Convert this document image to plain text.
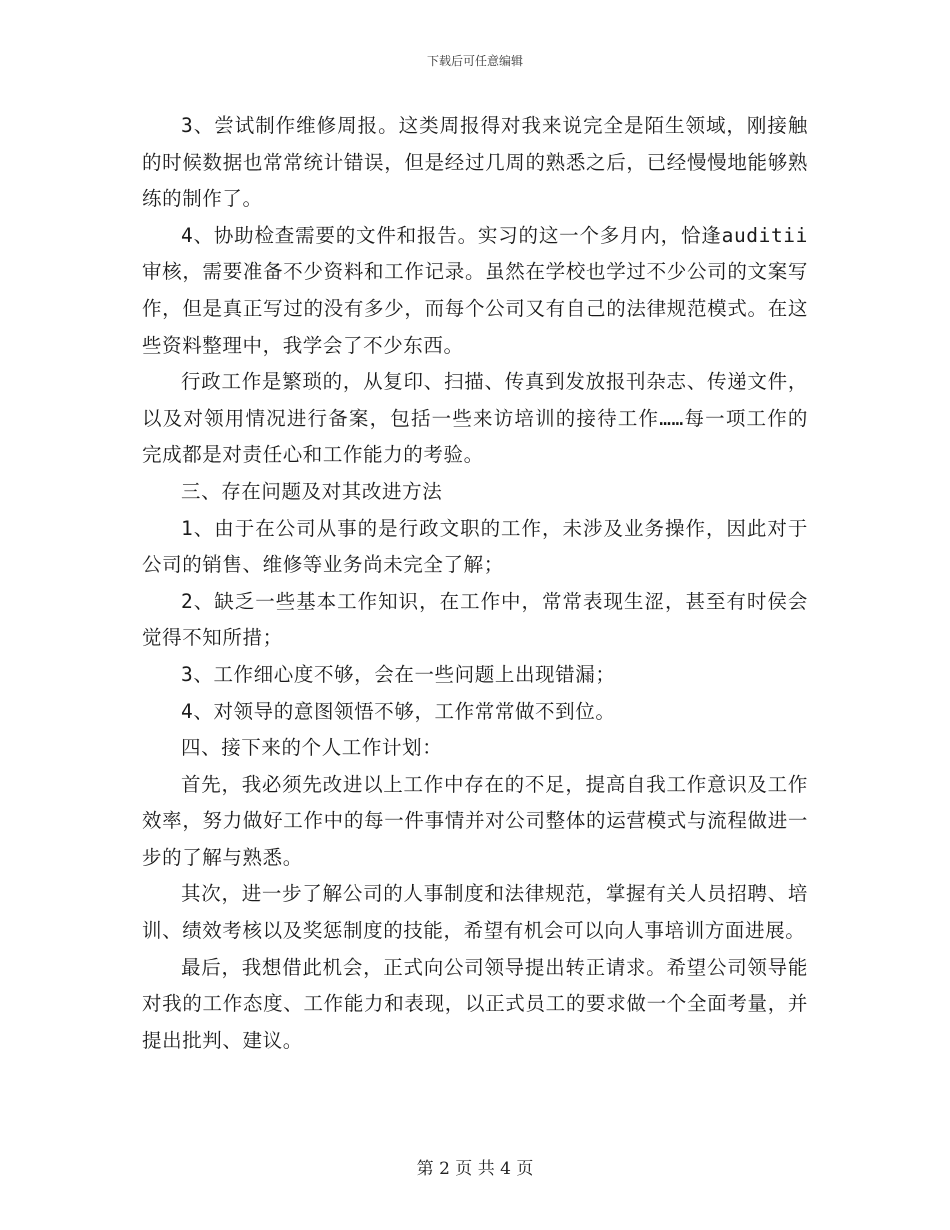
下载后可任意编辑

3、尝试制作维修周报。这类周报得对我来说完全是陌生领域，刚接触的时候数据也常常统计错误，但是经过几周的熟悉之后，已经慢慢地能够熟练的制作了。

4、协助检查需要的文件和报告。实习的这一个多月内，恰逢auditii审核，需要准备不少资料和工作记录。虽然在学校也学过不少公司的文案写作，但是真正写过的没有多少，而每个公司又有自己的法律规范模式。在这些资料整理中，我学会了不少东西。

行政工作是繁琐的，从复印、扫描、传真到发放报刊杂志、传递文件，以及对领用情况进行备案，包括一些来访培训的接待工作……每一项工作的完成都是对责任心和工作能力的考验。

三、存在问题及对其改进方法

1、由于在公司从事的是行政文职的工作，未涉及业务操作，因此对于公司的销售、维修等业务尚未完全了解；

2、缺乏一些基本工作知识，在工作中，常常表现生涩，甚至有时侯会觉得不知所措；

3、工作细心度不够，会在一些问题上出现错漏；

4、对领导的意图领悟不够，工作常常做不到位。

四、接下来的个人工作计划：

首先，我必须先改进以上工作中存在的不足，提高自我工作意识及工作效率，努力做好工作中的每一件事情并对公司整体的运营模式与流程做进一步的了解与熟悉。

其次，进一步了解公司的人事制度和法律规范，掌握有关人员招聘、培训、绩效考核以及奖惩制度的技能，希望有机会可以向人事培训方面进展。

最后，我想借此机会，正式向公司领导提出转正请求。希望公司领导能对我的工作态度、工作能力和表现，以正式员工的要求做一个全面考量，并提出批判、建议。

第 2 页 共 4 页
